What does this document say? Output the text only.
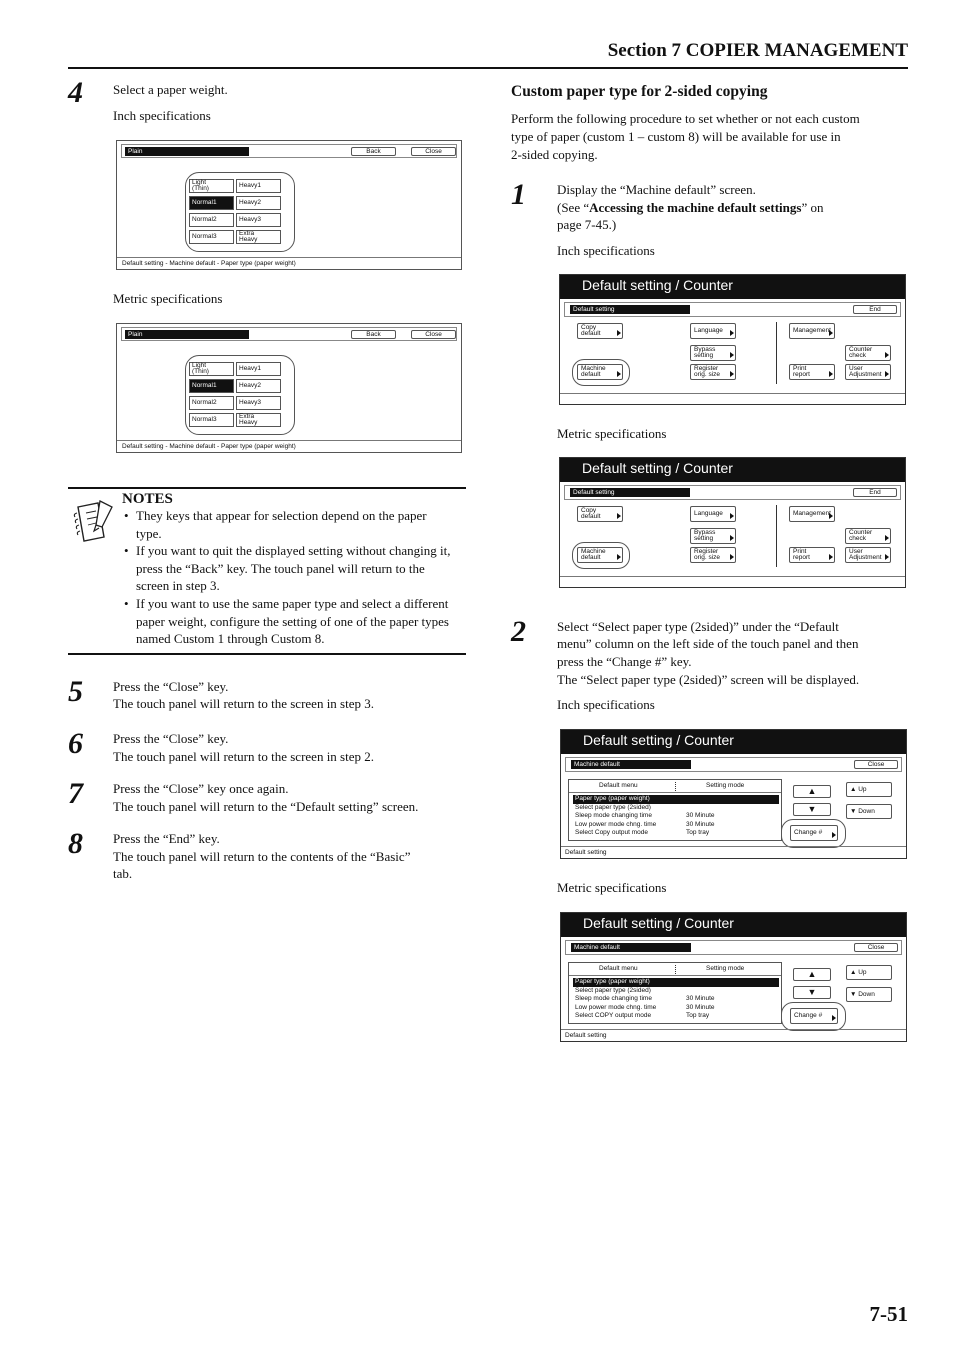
Section 7 COPIER MANAGEMENT
4 Select a paper weight.
Inch specifications
Plain	Back	Close
Light
(Thin)	Heavy1
Normal1	Heavy2
Normal2	Heavy3
Normal3	Extra
Heavy
Default setting - Machine default - Paper type (paper weight)
Metric specifications
Plain	Back	Close
Light
(Thin)	Heavy1
Normal1	Heavy2
Normal2	Heavy3
Normal3	Extra
Heavy
Default setting - Machine default - Paper type (paper weight)
NOTES
• They keys that appear for selection depend on the paper type.
• If you want to quit the displayed setting without changing it, press the “Back” key. The touch panel will return to the screen in step 3.
• If you want to use the same paper type and select a different paper weight, configure the setting of one of the paper types named Custom 1 through Custom 8.
5 Press the “Close” key.
The touch panel will return to the screen in step 3.
6 Press the “Close” key.
The touch panel will return to the screen in step 2.
7 Press the “Close” key once again.
The touch panel will return to the “Default setting” screen.
8 Press the “End” key.
The touch panel will return to the contents of the “Basic”
tab.
Custom paper type for 2-sided copying
Perform the following procedure to set whether or not each custom
type of paper (custom 1 – custom 8) will be available for use in
2-sided copying.
1 Display the “Machine default” screen.
(See “Accessing the machine default settings” on
page 7-45.)
Inch specifications
Default setting / Counter
Default setting	End
Copy
default
Machine
default
Language
Bypass
setting
Register
orig. size
Management
Print
report
Counter
check
User
Adjustment
Metric specifications
Default setting / Counter
Default setting	End
Copy
default
Machine
default
Language
Bypass
setting
Register
orig. size
Management
Print
report
Counter
check
User
Adjustment
2 Select “Select paper type (2sided)” under the “Default
menu” column on the left side of the touch panel and then
press the “Change #” key.
The “Select paper type (2sided)” screen will be displayed.
Inch specifications
Default setting / Counter
Machine default	Close
Default menu	Setting mode
Paper type (paper weight)
Select paper type (2sided)
Sleep mode changing time	30 Minute
Low power mode chng. time	30 Minute
Select Copy output mode	Top tray
▲
▼
▲ Up
▼ Down
Change #
Default setting
Metric specifications
Default setting / Counter
Machine default	Close
Default menu	Setting mode
Paper type (paper weight)
Select paper type (2sided)
Sleep mode changing time	30 Minute
Low power mode chng. time	30 Minute
Select COPY output mode	Top tray
▲
▼
▲ Up
▼ Down
Change #
Default setting
7-51
